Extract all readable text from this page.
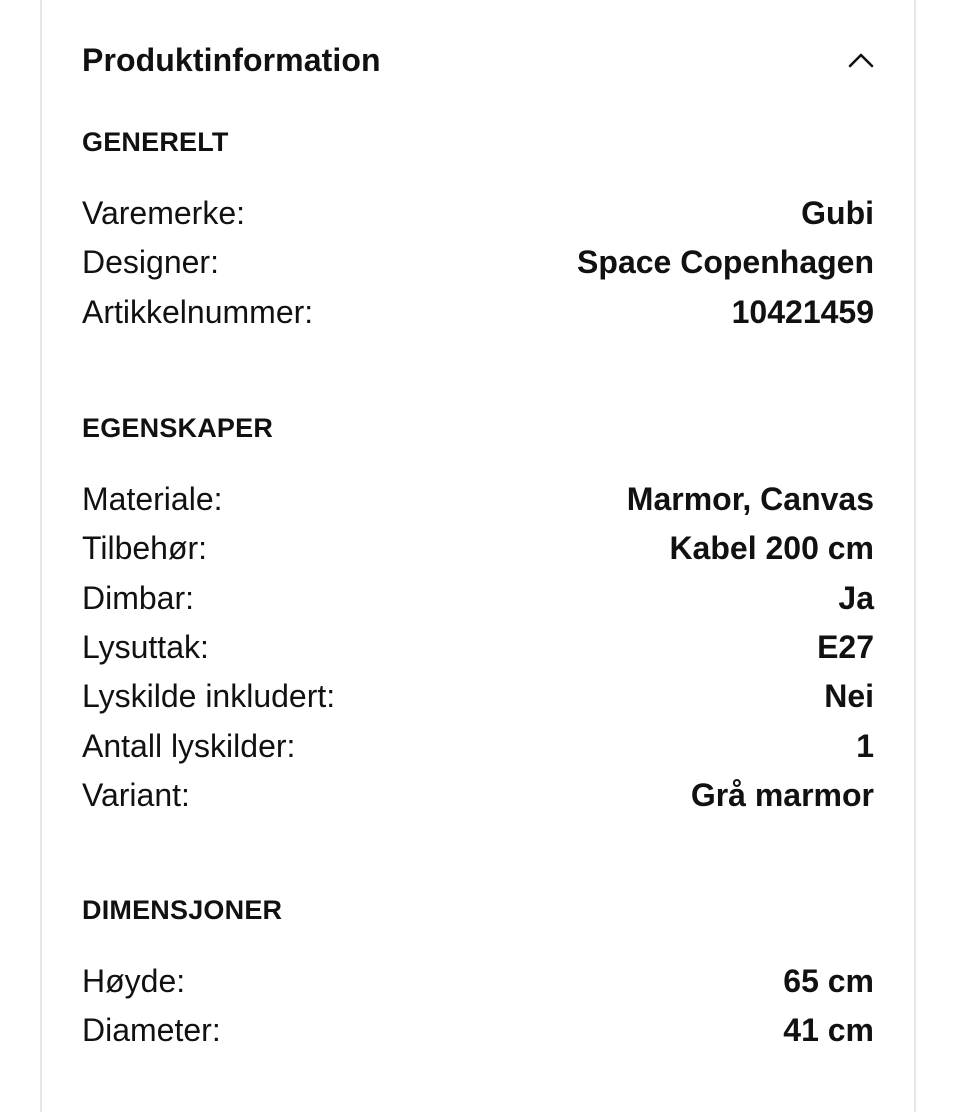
Produktinformation
GENERELT
Varemerke:	Gubi
Designer:	Space Copenhagen
Artikkelnummer:	10421459
EGENSKAPER
Materiale:	Marmor, Canvas
Tilbehør:	Kabel 200 cm
Dimbar:	Ja
Lysuttak:	E27
Lyskilde inkludert:	Nei
Antall lyskilder:	1
Variant:	Grå marmor
DIMENSJONER
Høyde:	65 cm
Diameter:	41 cm
